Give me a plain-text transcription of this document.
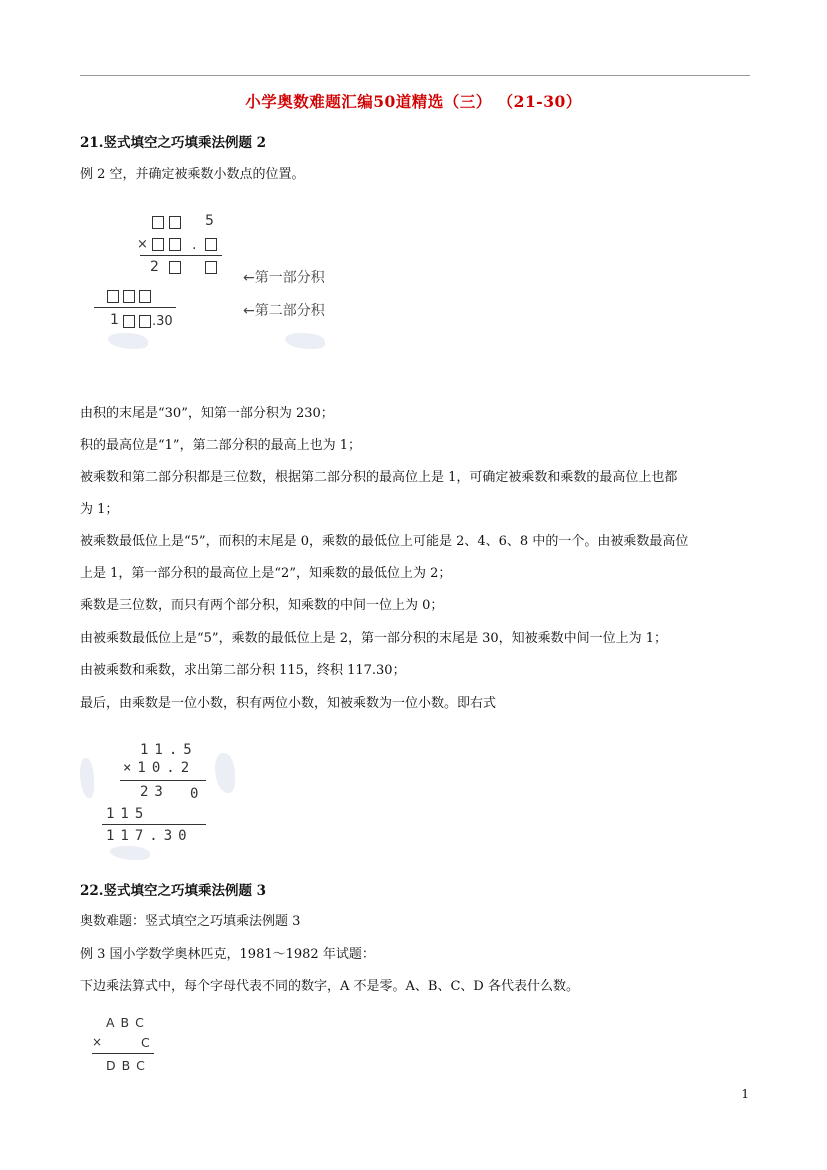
小学奥数难题汇编50道精选（三） （21-30）
21.竖式填空之巧填乘法例题 2
例 2 空，并确定被乘数小数点的位置。
5
×	.
2
←第一部分积
←第二部分积
1	.30
由积的末尾是“30”，知第一部分积为 230；
积的最高位是“1”，第二部分积的最高上也为 1；
被乘数和第二部分积都是三位数，根据第二部分积的最高位上是 1，可确定被乘数和乘数的最高位上也都
为 1；
被乘数最低位上是“5”，而积的末尾是 0，乘数的最低位上可能是 2、4、6、8 中的一个。由被乘数最高位
上是 1，第一部分积的最高位上是“2”，知乘数的最低位上为 2；
乘数是三位数，而只有两个部分积，知乘数的中间一位上为 0；
由被乘数最低位上是“5”，乘数的最低位上是 2，第一部分积的末尾是 30，知被乘数中间一位上为 1；
由被乘数和乘数，求出第二部分积 115，终积 117.30；
最后，由乘数是一位小数，积有两位小数，知被乘数为一位小数。即右式
11.5
×10.2
23 0
115
117.30
22.竖式填空之巧填乘法例题 3
奥数难题：竖式填空之巧填乘法例题 3
例 3 国小学数学奥林匹克，1981～1982 年试题：
下边乘法算式中，每个字母代表不同的数字，A 不是零。A、B、C、D 各代表什么数。
A B C
×	C
D B C
1
